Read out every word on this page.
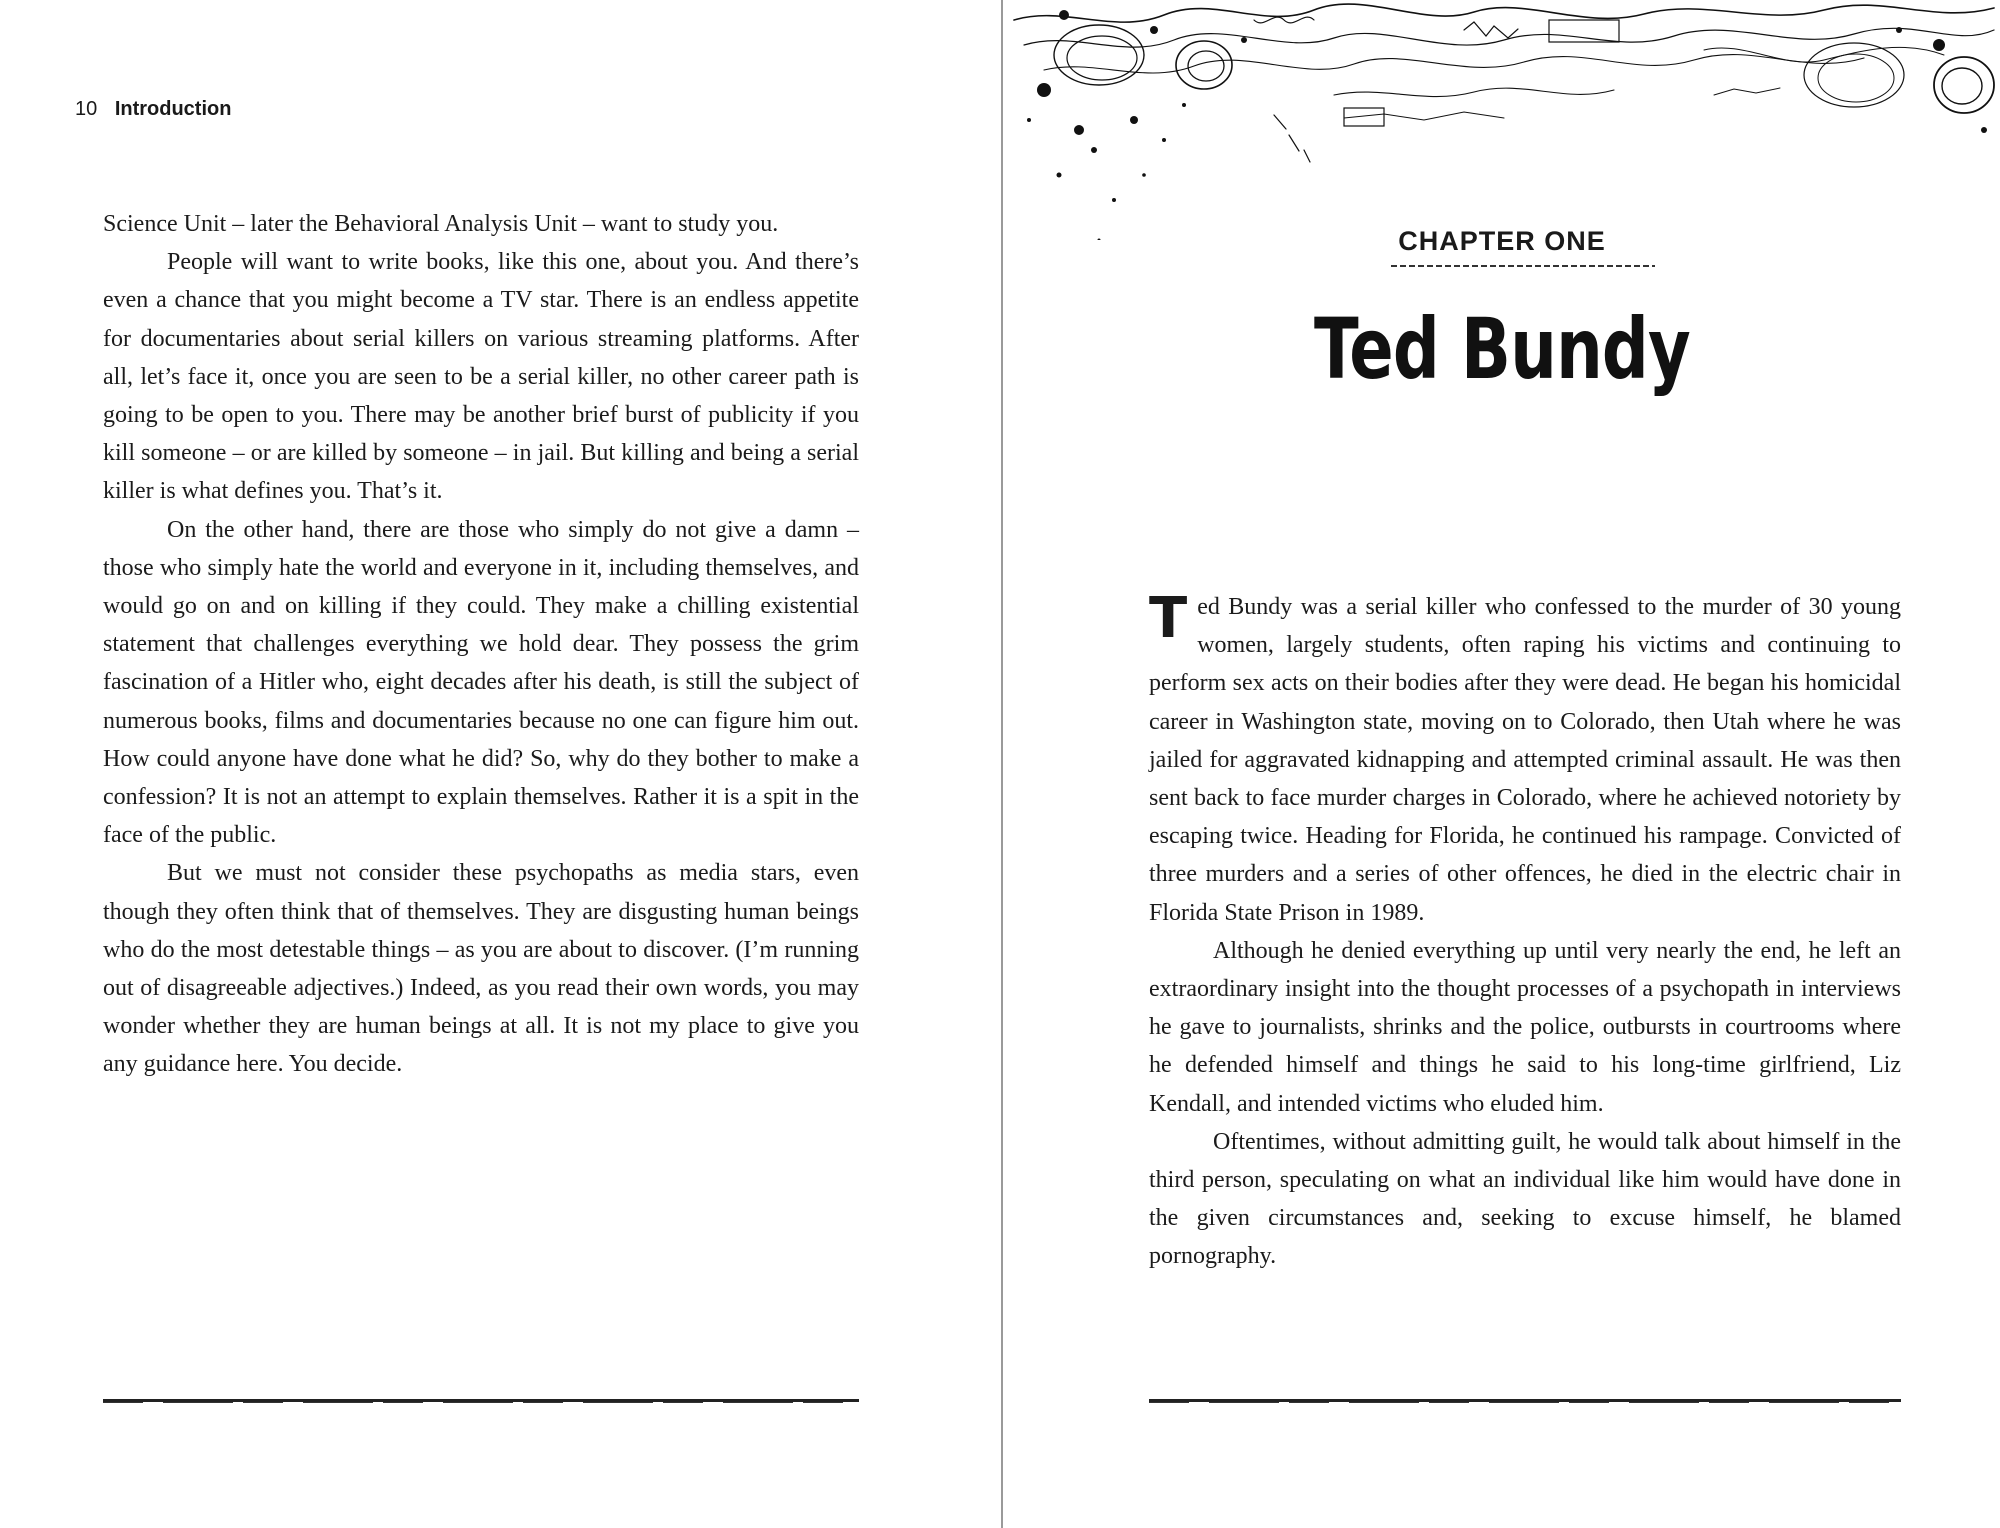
10 Introduction

Science Unit – later the Behavioral Analysis Unit – want to study you.

People will want to write books, like this one, about you. And there’s even a chance that you might become a TV star. There is an endless appetite for documentaries about serial killers on various streaming platforms. After all, let’s face it, once you are seen to be a serial killer, no other career path is going to be open to you. There may be another brief burst of publicity if you kill someone – or are killed by someone – in jail. But killing and being a serial killer is what defines you. That’s it.

On the other hand, there are those who simply do not give a damn – those who simply hate the world and everyone in it, including themselves, and would go on and on killing if they could. They make a chilling existential statement that challenges everything we hold dear. They possess the grim fascination of a Hitler who, eight decades after his death, is still the subject of numerous books, films and documentaries because no one can figure him out. How could anyone have done what he did? So, why do they bother to make a confession? It is not an attempt to explain themselves. Rather it is a spit in the face of the public.

But we must not consider these psychopaths as media stars, even though they often think that of themselves. They are disgusting human beings who do the most detestable things – as you are about to discover. (I’m running out of disagreeable adjectives.) Indeed, as you read their own words, you may wonder whether they are human beings at all. It is not my place to give you any guidance here. You decide.

CHAPTER ONE
Ted Bundy

Ted Bundy was a serial killer who confessed to the murder of 30 young women, largely students, often raping his victims and continuing to perform sex acts on their bodies after they were dead. He began his homicidal career in Washington state, moving on to Colorado, then Utah where he was jailed for aggravated kidnapping and attempted criminal assault. He was then sent back to face murder charges in Colorado, where he achieved notoriety by escaping twice. Heading for Florida, he continued his rampage. Convicted of three murders and a series of other offences, he died in the electric chair in Florida State Prison in 1989.

Although he denied everything up until very nearly the end, he left an extraordinary insight into the thought processes of a psychopath in interviews he gave to journalists, shrinks and the police, outbursts in courtrooms where he defended himself and things he said to his long-time girlfriend, Liz Kendall, and intended victims who eluded him.

Oftentimes, without admitting guilt, he would talk about himself in the third person, speculating on what an individual like him would have done in the given circumstances and, seeking to excuse himself, he blamed pornography.
